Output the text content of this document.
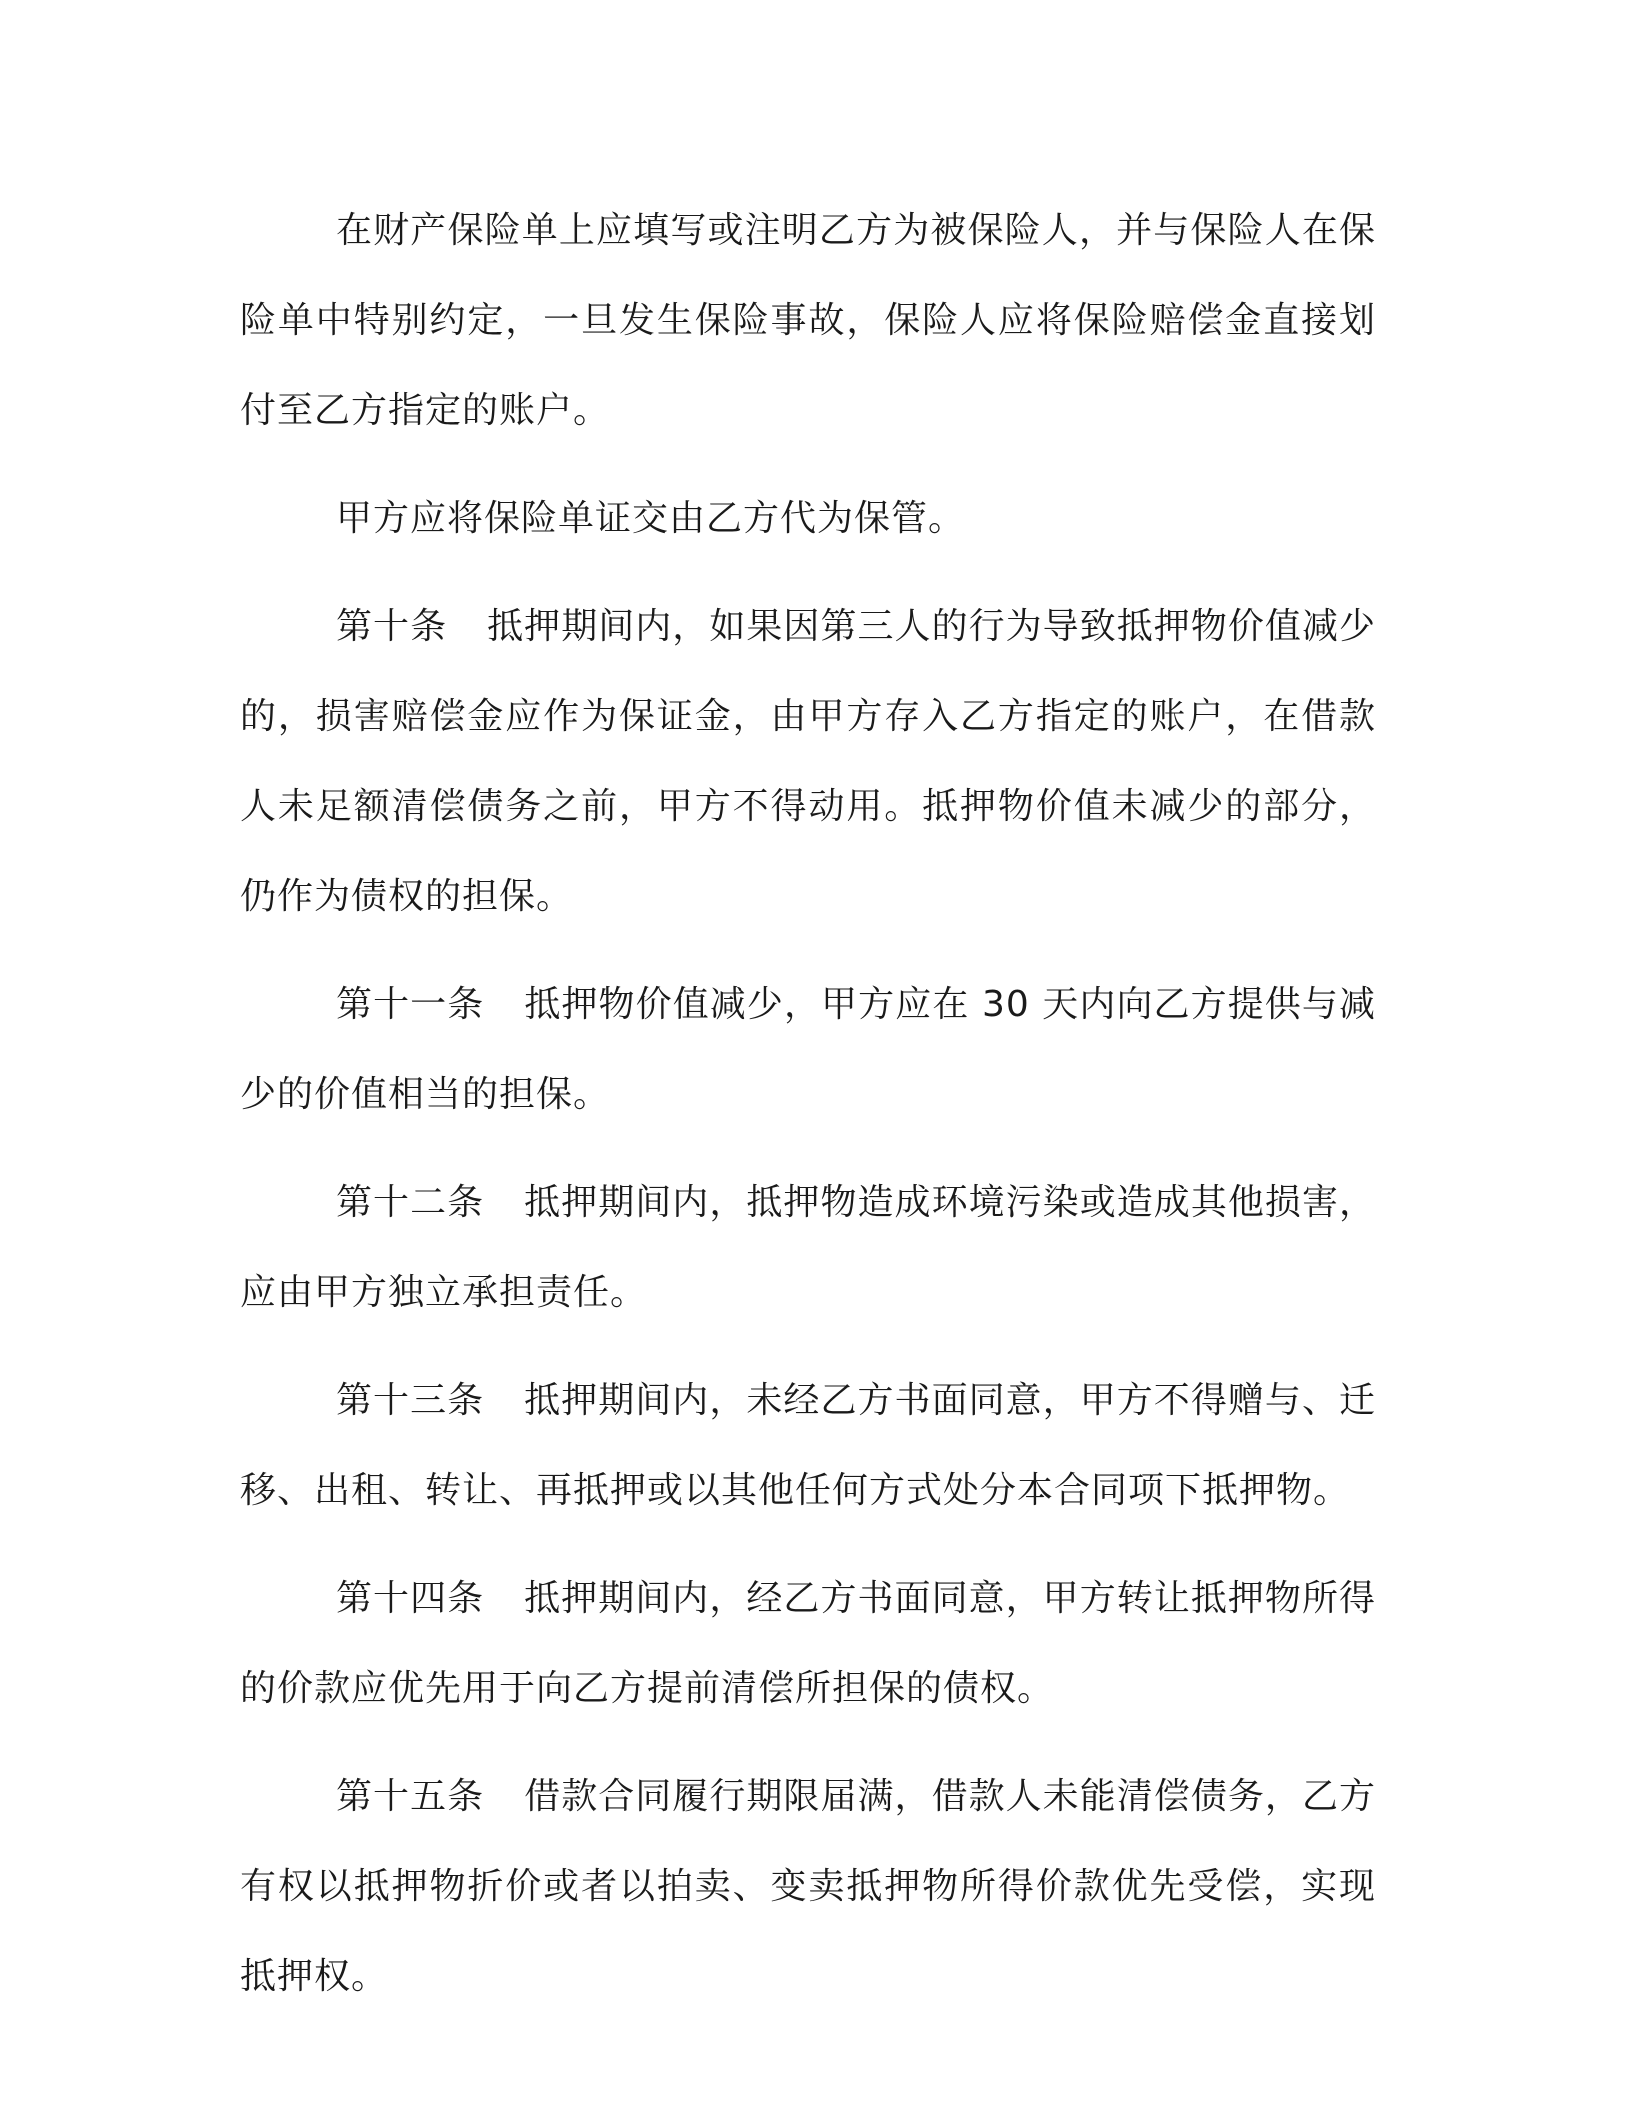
在财产保险单上应填写或注明乙方为被保险人，并与保险人在保险单中特别约定，一旦发生保险事故，保险人应将保险赔偿金直接划付至乙方指定的账户。

甲方应将保险单证交由乙方代为保管。

第十条 抵押期间内，如果因第三人的行为导致抵押物价值减少的，损害赔偿金应作为保证金，由甲方存入乙方指定的账户，在借款人未足额清偿债务之前，甲方不得动用。抵押物价值未减少的部分，仍作为债权的担保。

第十一条 抵押物价值减少，甲方应在 30 天内向乙方提供与减少的价值相当的担保。

第十二条 抵押期间内，抵押物造成环境污染或造成其他损害，应由甲方独立承担责任。

第十三条 抵押期间内，未经乙方书面同意，甲方不得赠与、迁移、出租、转让、再抵押或以其他任何方式处分本合同项下抵押物。

第十四条 抵押期间内，经乙方书面同意，甲方转让抵押物所得的价款应优先用于向乙方提前清偿所担保的债权。

第十五条 借款合同履行期限届满，借款人未能清偿债务，乙方有权以抵押物折价或者以拍卖、变卖抵押物所得价款优先受偿，实现抵押权。
